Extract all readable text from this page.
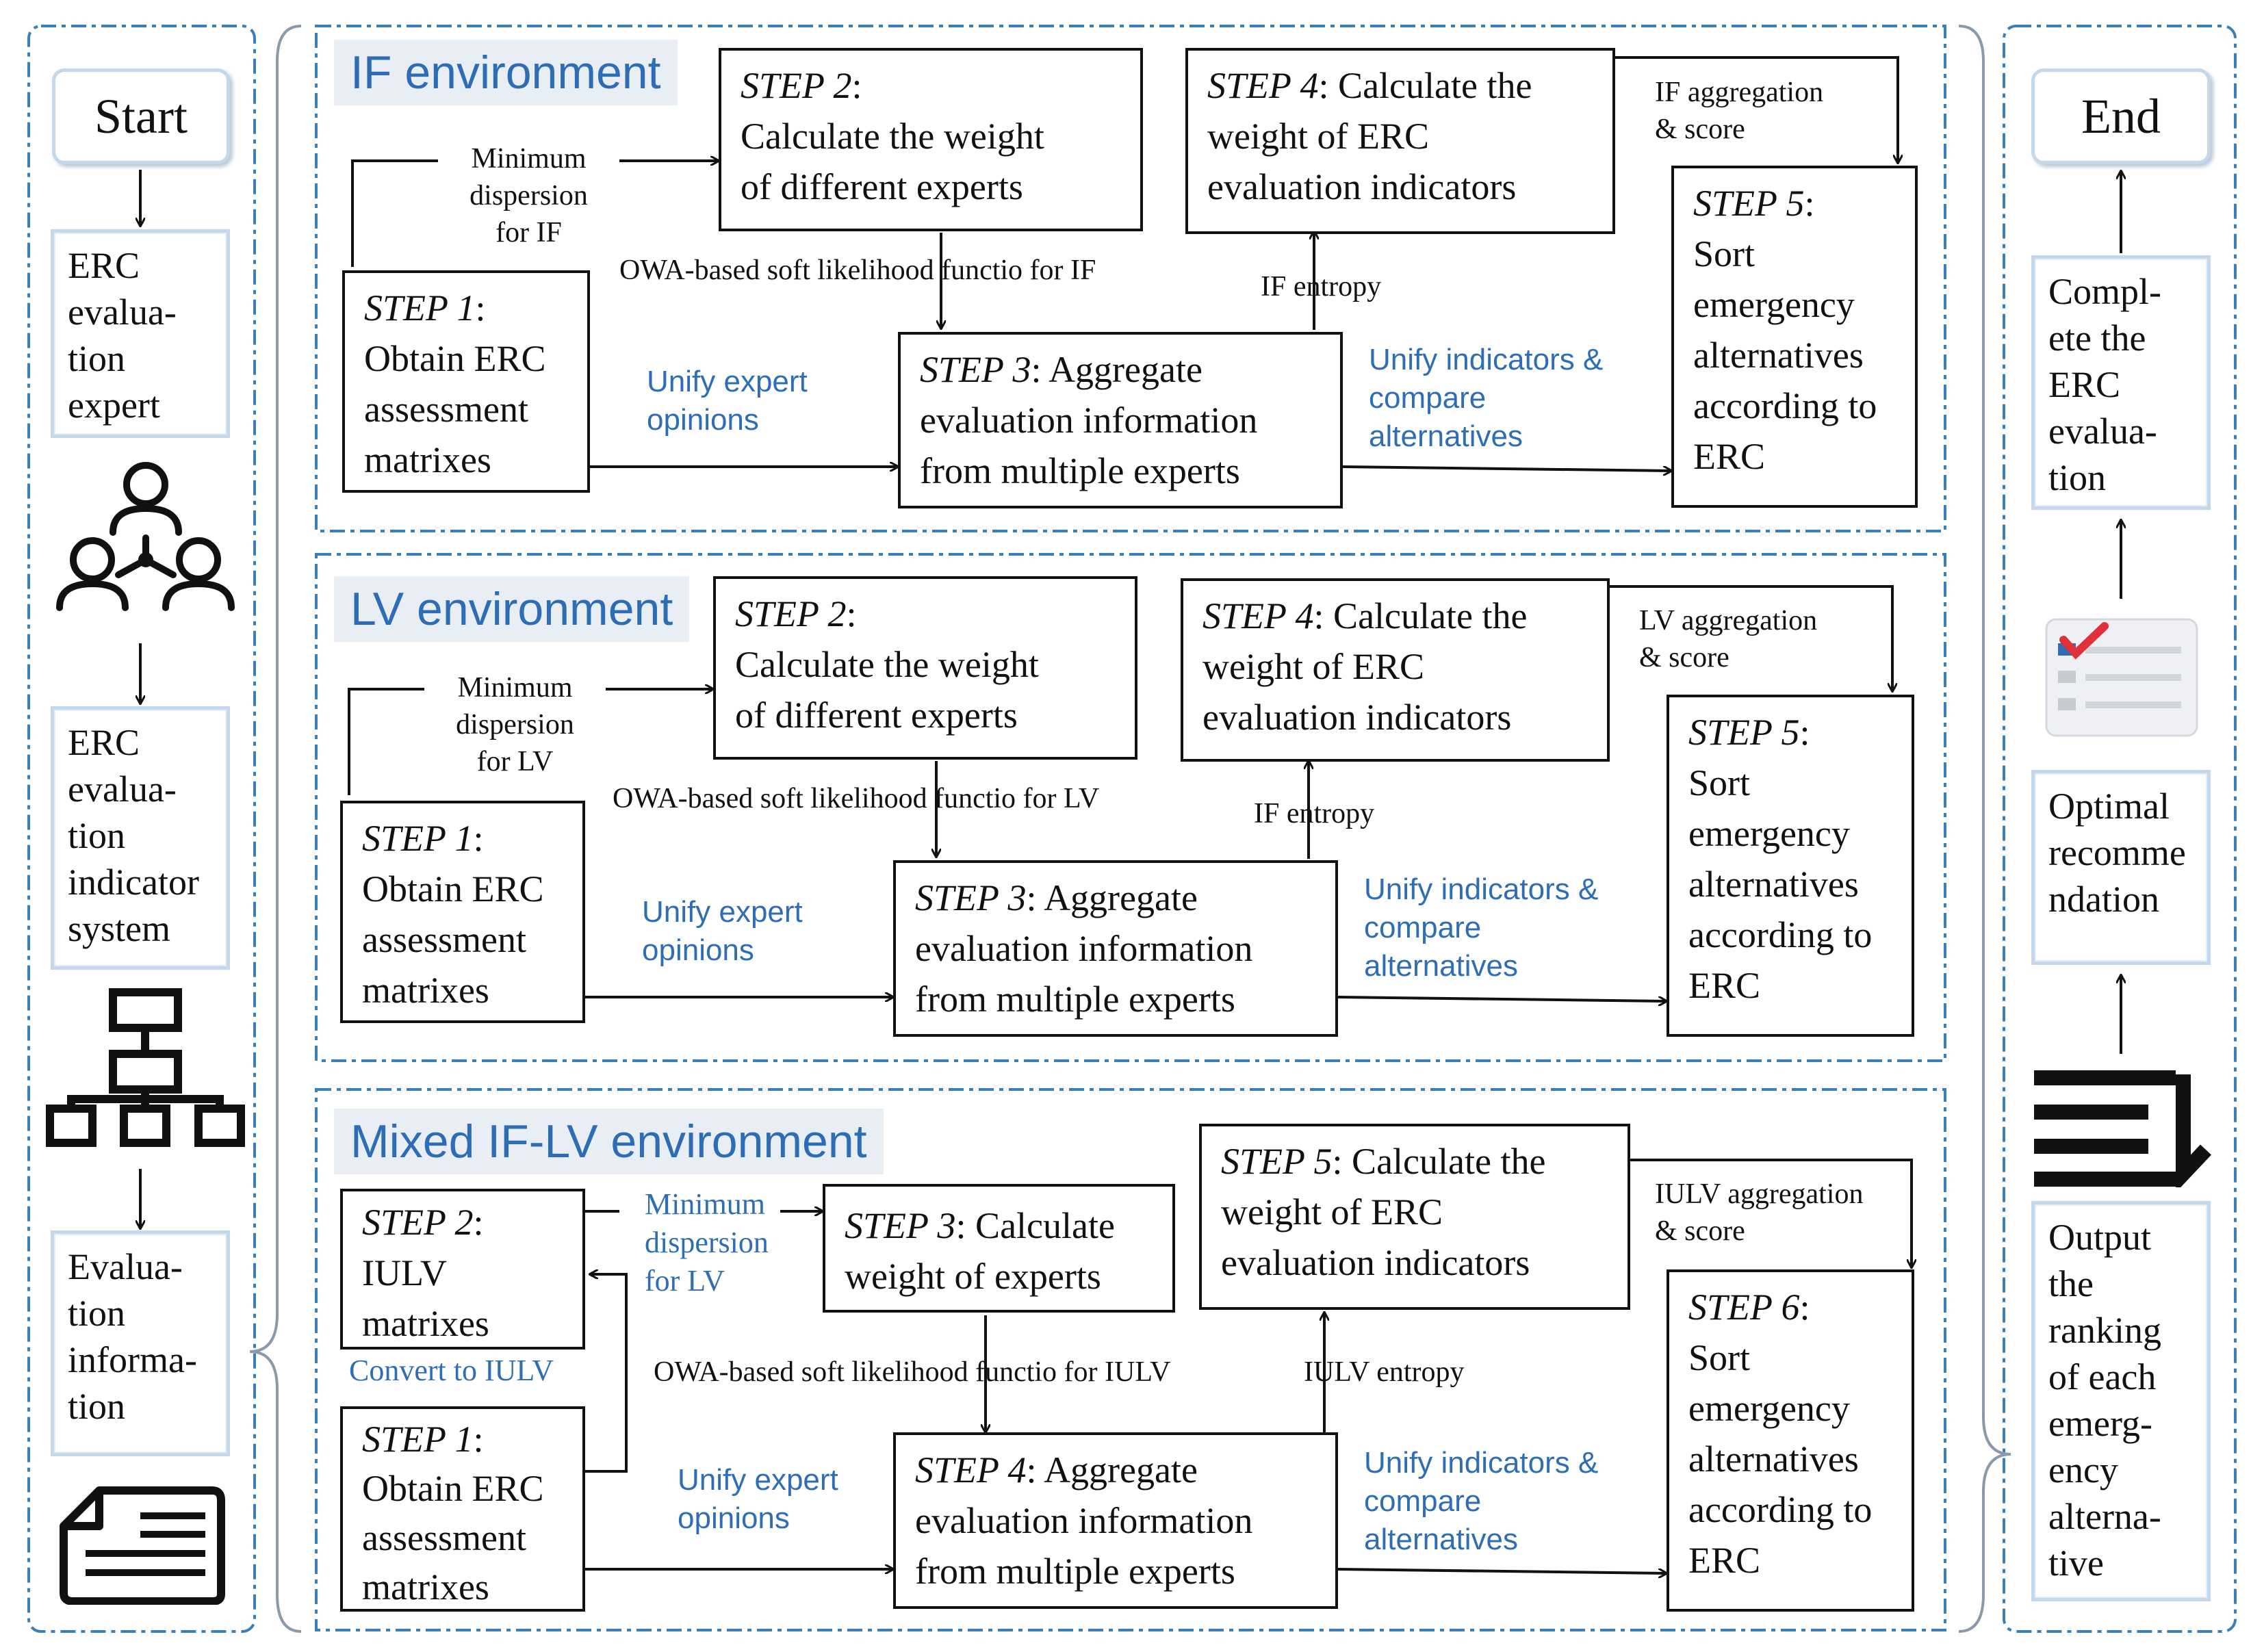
Start
ERC
evalua-
tion
expert
ERC
evalua-
tion
indicator
system
Evalua-
tion
informa-
tion
End
Compl-
ete the
ERC
evalua-
tion
Optimal
recomme
ndation
Output
the
ranking
of each
emerg-
ency
alterna-
tive
IF environment
STEP 1:
Obtain ERC
assessment
matrixes
STEP 2:
Calculate the weight
of different experts
STEP 3: Aggregate
evaluation information
from multiple experts
STEP 4: Calculate the
weight of ERC
evaluation indicators	STEP 5:
Sort
emergency
alternatives
according to
ERC
Minimum
dispersion
for IF
OWA-based soft likelihood functio for IF
IF entropy
IF aggregation
& score
Unify expert
opinions
Unify indicators &
compare
alternatives
LV environment
STEP 1:
Obtain ERC
assessment
matrixes
STEP 2:
Calculate the weight
of different experts
STEP 3: Aggregate
evaluation information
from multiple experts
STEP 4: Calculate the
weight of ERC
evaluation indicators	STEP 5:
Sort
emergency
alternatives
according to
ERC
Minimum
dispersion
for LV
OWA-based soft likelihood functio for LV	IF entropy
LV aggregation
& score
Unify expert
opinions
Unify indicators &
compare
alternatives
Mixed IF-LV environment
STEP 1:
Obtain ERC
assessment
matrixes
STEP 2:
IULV
matrixes
STEP 3: Calculate
weight of experts
STEP 4: Aggregate
evaluation information
from multiple experts
STEP 5: Calculate the
weight of ERC
evaluation indicators
STEP 6:
Sort
emergency
alternatives
according to
ERC
Minimum
dispersion
for LV
Convert to IULV	OWA-based soft likelihood functio for IULV	IULV entropy
IULV aggregation
& score
Unify expert
opinions
Unify indicators &
compare
alternatives
